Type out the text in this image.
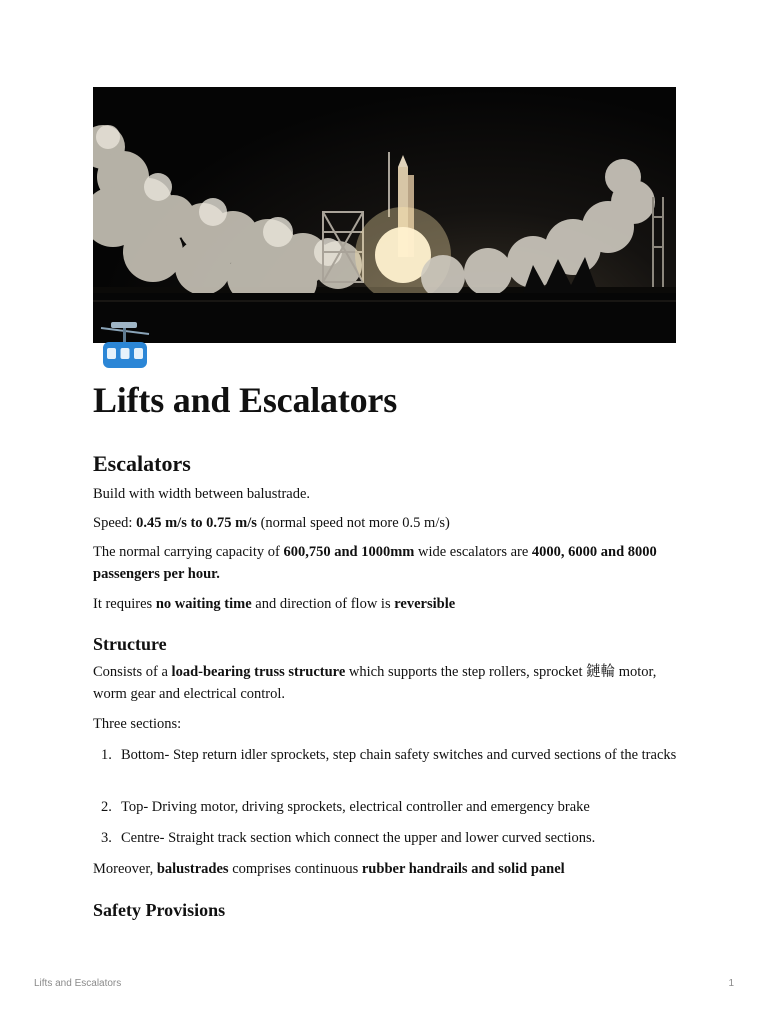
Lifts and Escalators
Escalators

Build with width between balustrade.

Speed: 0.45 m/s to 0.75 m/s (normal speed not more 0.5 m/s)

The normal carrying capacity of 600,750 and 1000mm wide escalators are 4000, 6000 and 8000 passengers per hour.

It requires no waiting time and direction of flow is reversible

Structure

Consists of a load-bearing truss structure which supports the step rollers, sprocket 鏈輪 motor, worm gear and electrical control.

Three sections:

1. Bottom- Step return idler sprockets, step chain safety switches and curved sections of the tracks
2. Top- Driving motor, driving sprockets, electrical controller and emergency brake
3. Centre- Straight track section which connect the upper and lower curved sections.

Moreover, balustrades comprises continuous rubber handrails and solid panel

Safety Provisions
Lifts and Escalators	1
